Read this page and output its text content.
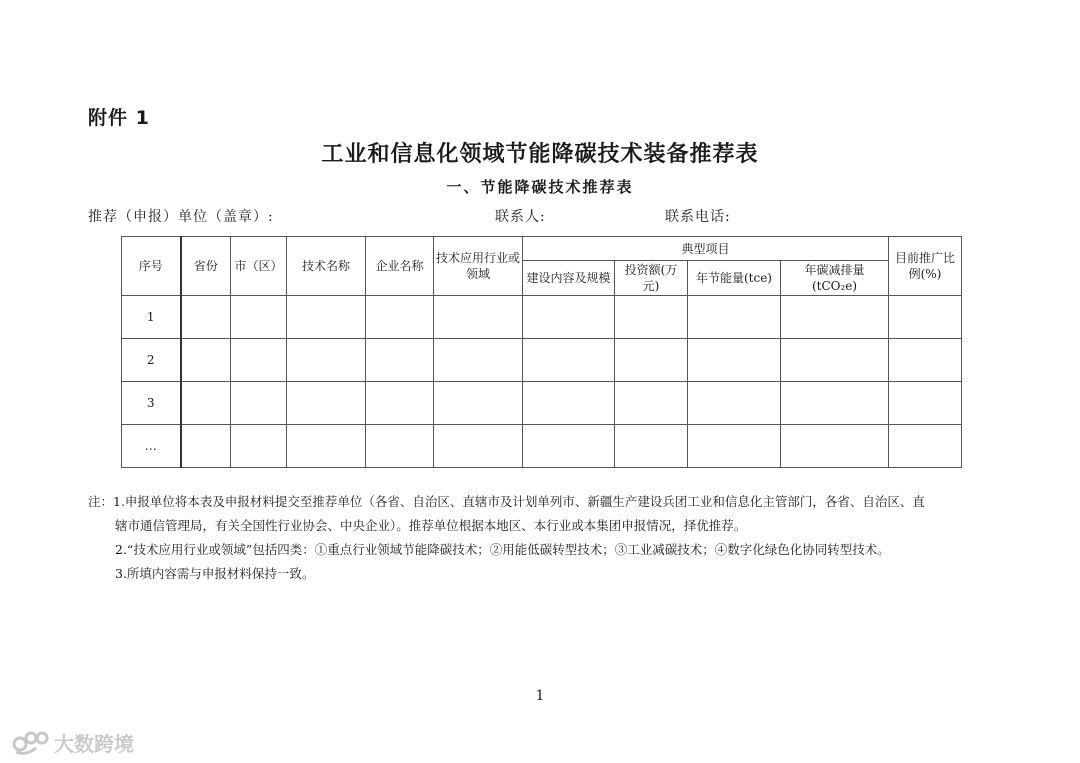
附件 1
工业和信息化领域节能降碳技术装备推荐表
一、节能降碳技术推荐表
推荐（申报）单位（盖章）:	联系人:	联系电话:
序号	省份	市（区）	技术名称	企业名称	技术应用行业或领域	典型项目				目前推广比例(%)
						建设内容及规模	投资额(万元)	年节能量(tce)	年碳减排量(tCO₂e)	
1										
2										
3										
…										
注：1.申报单位将本表及申报材料提交至推荐单位（各省、自治区、直辖市及计划单列市、新疆生产建设兵团工业和信息化主管部门，各省、自治区、直
辖市通信管理局，有关全国性行业协会、中央企业）。推荐单位根据本地区、本行业或本集团申报情况，择优推荐。
2.“技术应用行业或领域”包括四类：①重点行业领域节能降碳技术；②用能低碳转型技术；③工业减碳技术；④数字化绿色化协同转型技术。
3.所填内容需与申报材料保持一致。
1
大数跨境
